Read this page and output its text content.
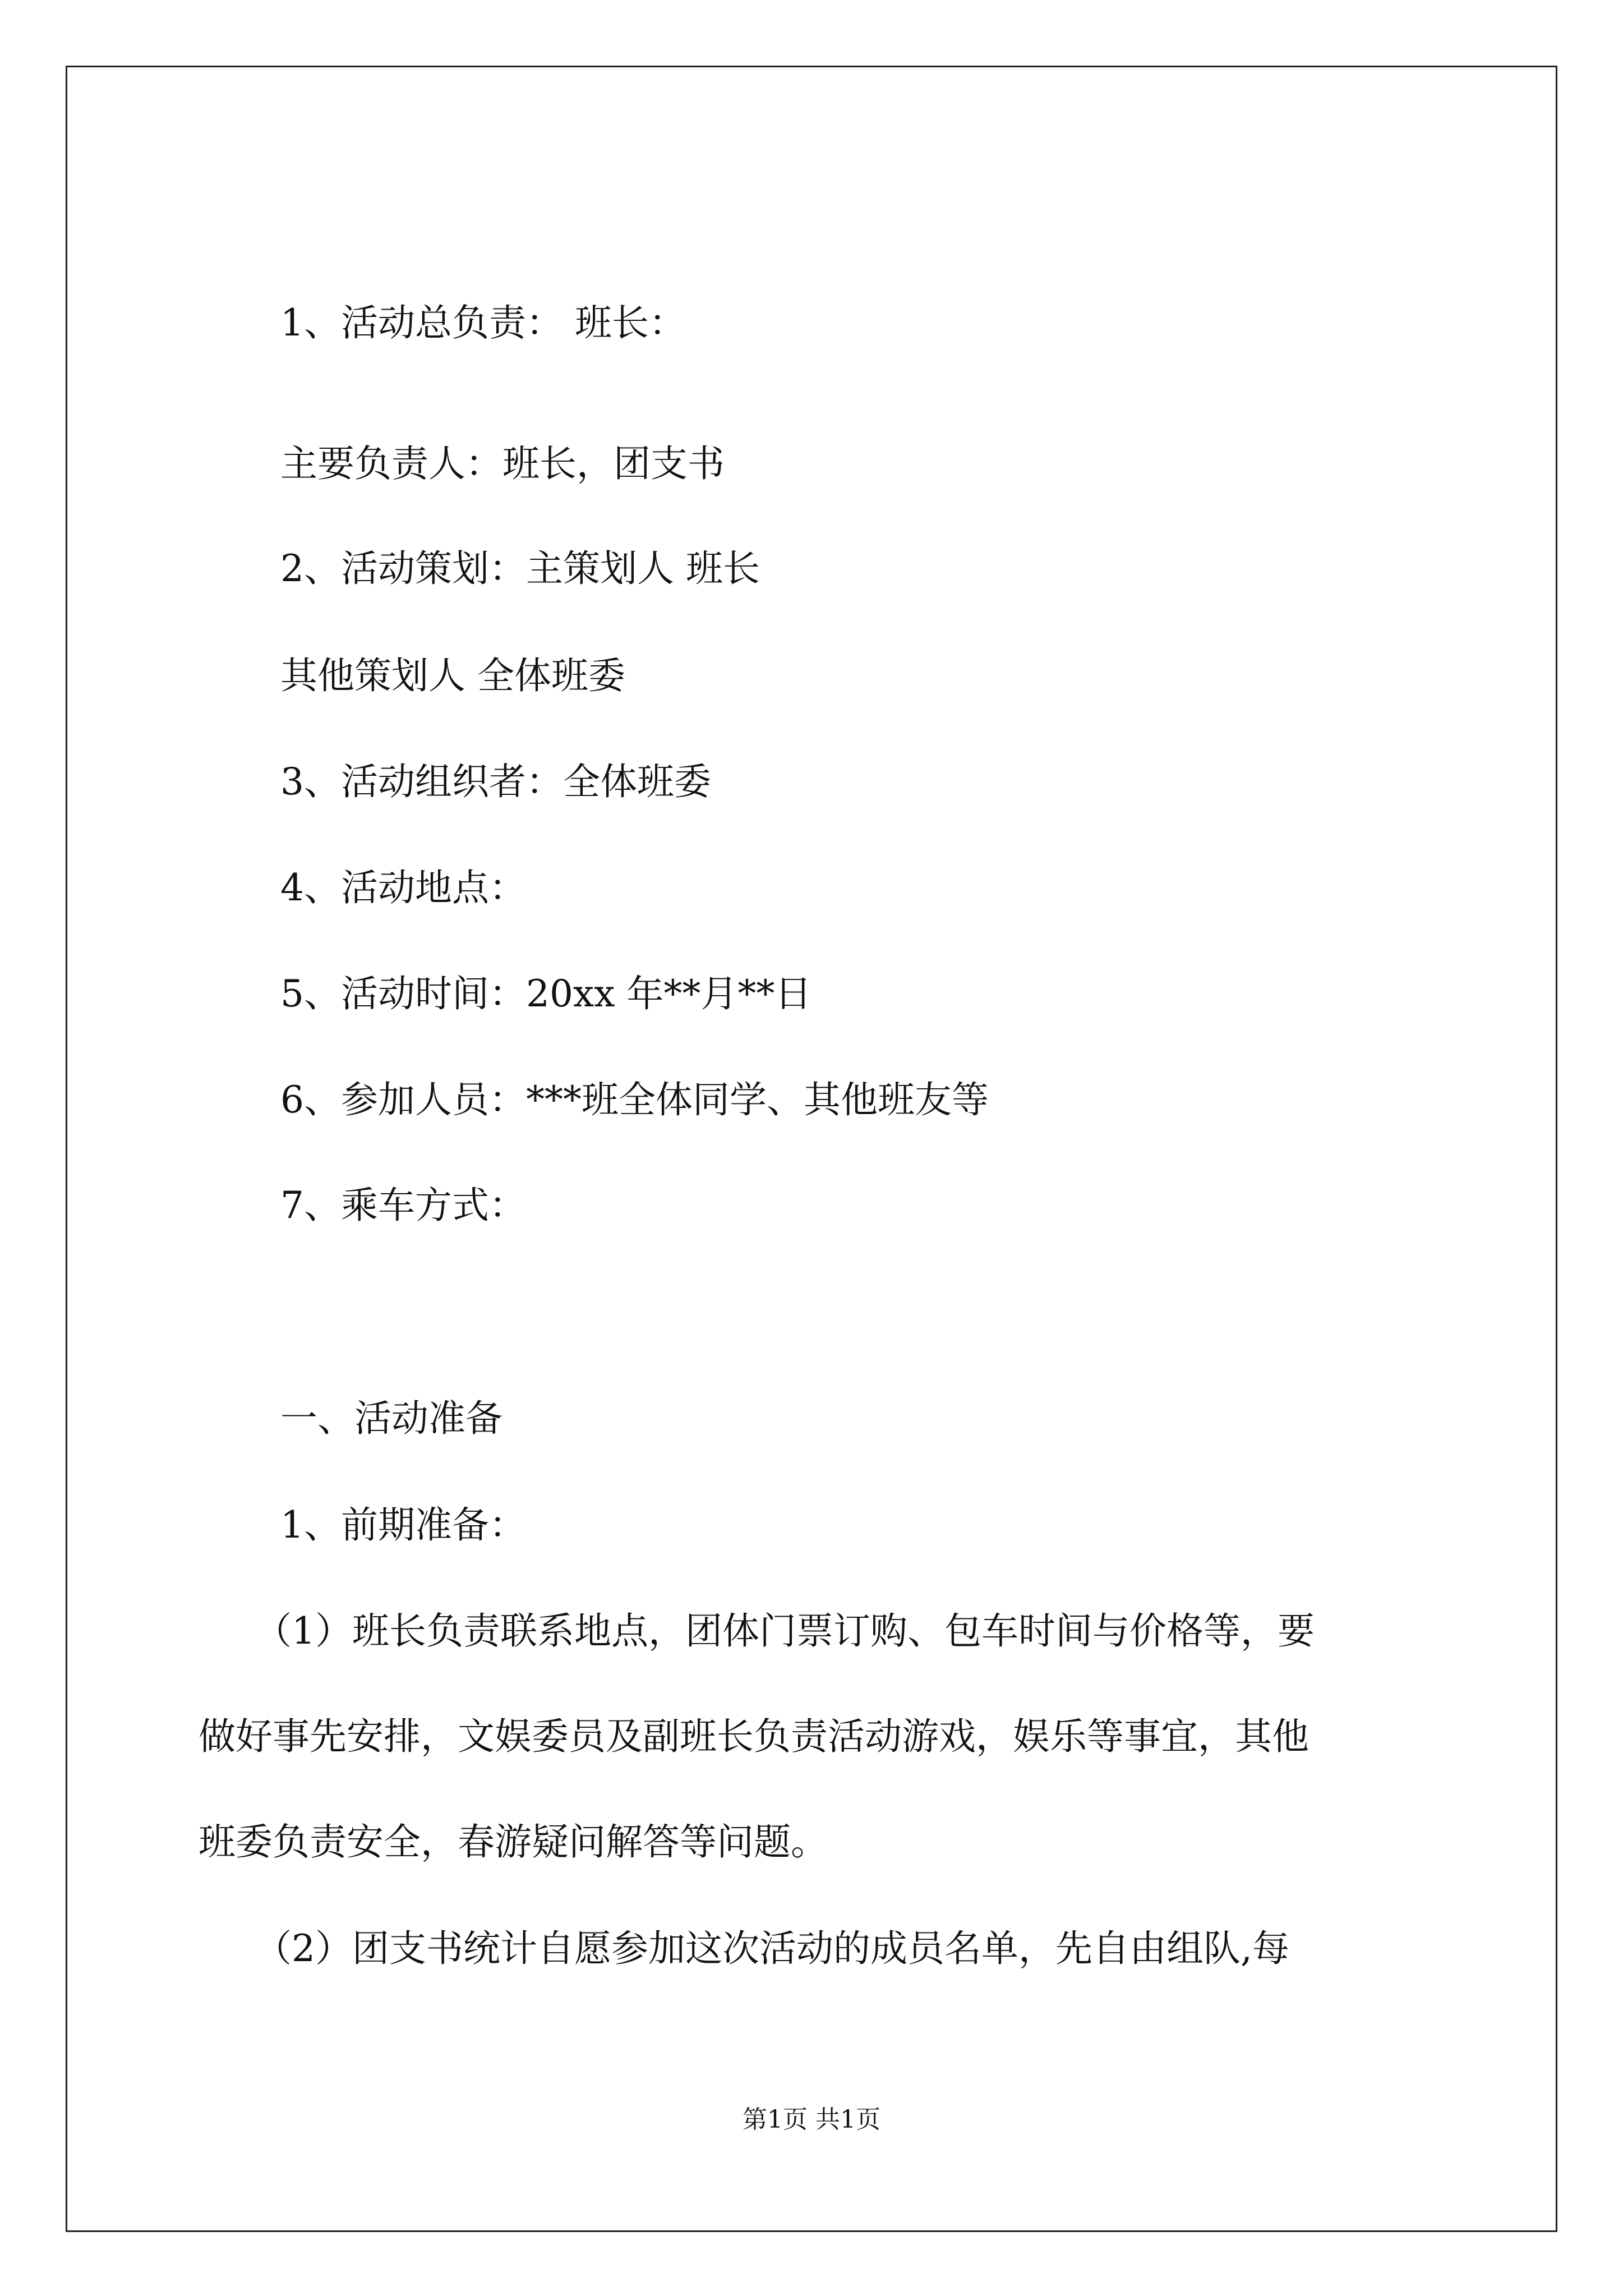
1、活动总负责： 班长：
主要负责人：班长，团支书
2、活动策划：主策划人 班长
其他策划人 全体班委
3、活动组织者：全体班委
4、活动地点：
5、活动时间：20xx 年**月**日
6、参加人员：***班全体同学、其他班友等
7、乘车方式：
一、活动准备
1、前期准备：
（1）班长负责联系地点，团体门票订购、包车时间与价格等，要
做好事先安排，文娱委员及副班长负责活动游戏，娱乐等事宜，其他
班委负责安全，春游疑问解答等问题。
（2）团支书统计自愿参加这次活动的成员名单，先自由组队,每
第1页 共1页
